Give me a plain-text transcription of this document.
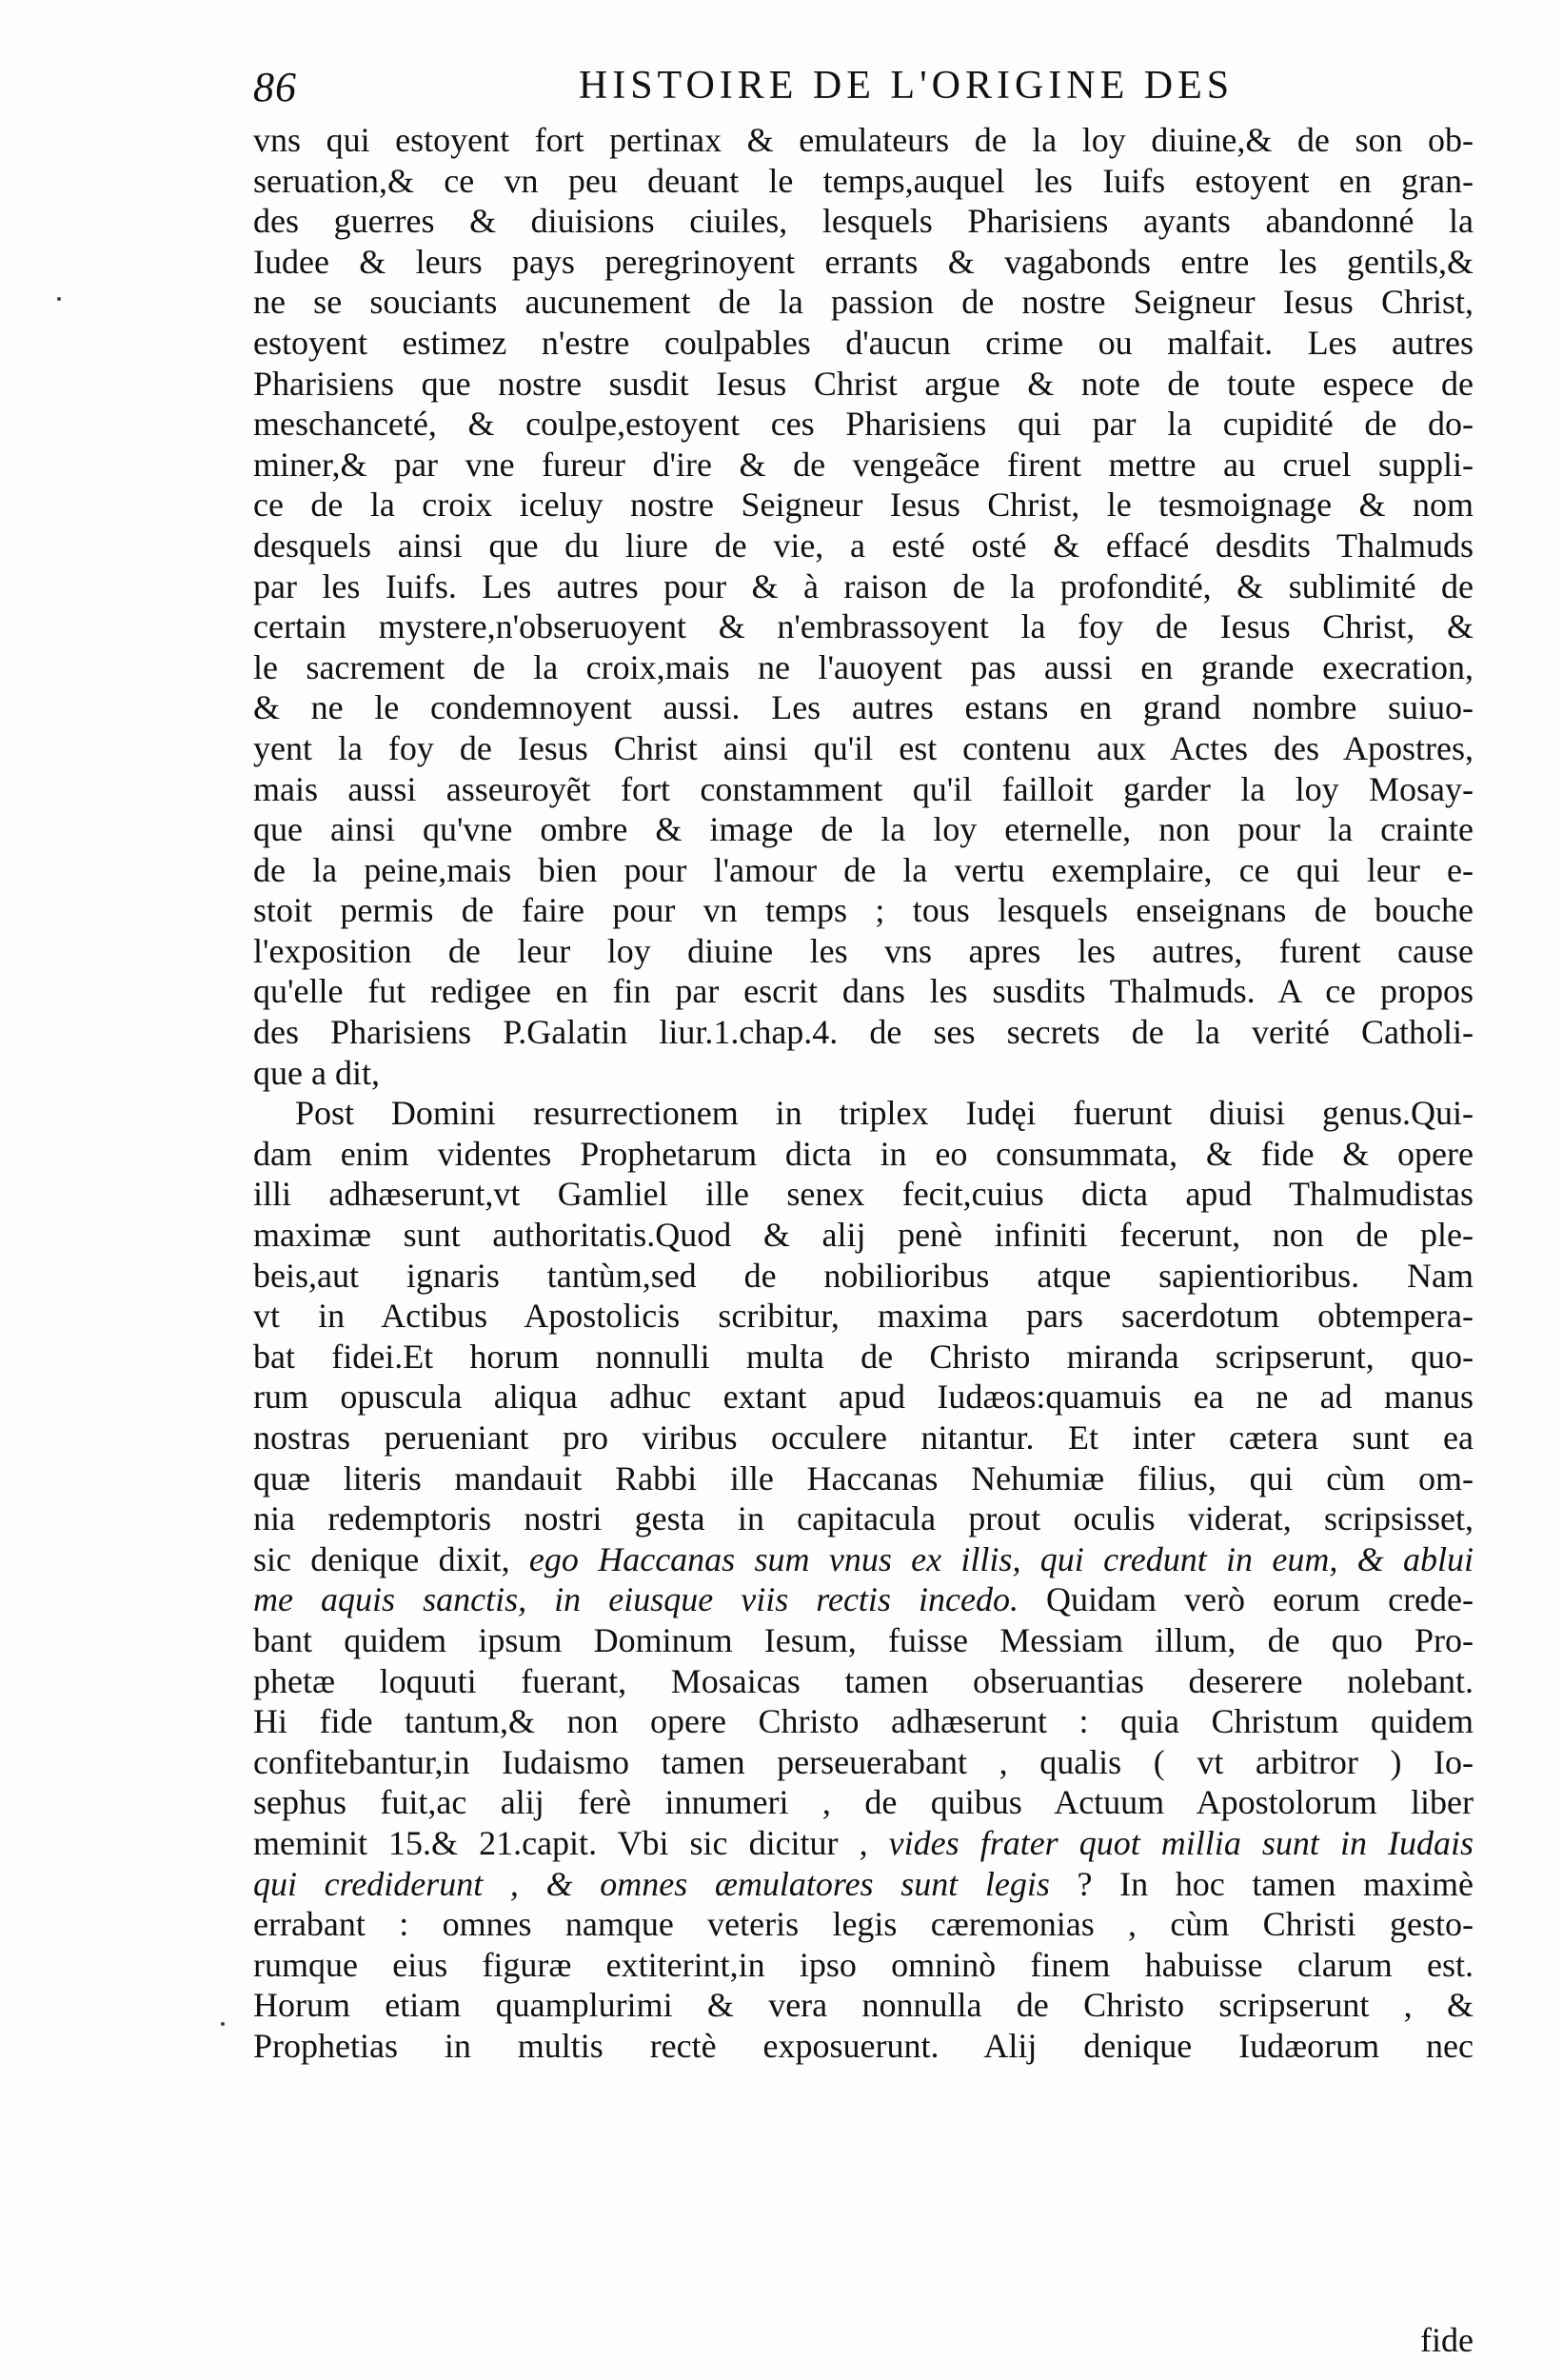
86	HISTOIRE DE L'ORIGINE DES
vns qui estoyent fort pertinax & emulateurs de la loy diuine,& de son ob-
seruation,& ce vn peu deuant le temps,auquel les Iuifs estoyent en gran-
des guerres & diuisions ciuiles, lesquels Pharisiens ayants abandonné la
Iudee & leurs pays peregrinoyent errants & vagabonds entre les gentils,&
ne se souciants aucunement de la passion de nostre Seigneur Iesus Christ,
estoyent estimez n'estre coulpables d'aucun crime ou malfait. Les autres
Pharisiens que nostre susdit Iesus Christ argue & note de toute espece de
meschanceté, & coulpe,estoyent ces Pharisiens qui par la cupidité de do-
miner,& par vne fureur d'ire & de vengeãce firent mettre au cruel suppli-
ce de la croix iceluy nostre Seigneur Iesus Christ, le tesmoignage & nom
desquels ainsi que du liure de vie, a esté osté & effacé desdits Thalmuds
par les Iuifs. Les autres pour & à raison de la profondité, & sublimité de
certain mystere,n'obseruoyent & n'embrassoyent la foy de Iesus Christ, &
le sacrement de la croix,mais ne l'auoyent pas aussi en grande execration,
& ne le condemnoyent aussi. Les autres estans en grand nombre suiuo-
yent la foy de Iesus Christ ainsi qu'il est contenu aux Actes des Apostres,
mais aussi asseuroyẽt fort constamment qu'il failloit garder la loy Mosay-
que ainsi qu'vne ombre & image de la loy eternelle, non pour la crainte
de la peine,mais bien pour l'amour de la vertu exemplaire, ce qui leur e-
stoit permis de faire pour vn temps ; tous lesquels enseignans de bouche
l'exposition de leur loy diuine les vns apres les autres, furent cause
qu'elle fut redigee en fin par escrit dans les susdits Thalmuds. A ce propos
des Pharisiens P.Galatin liur.1.chap.4. de ses secrets de la verité Catholi-
que a dit,
Post Domini resurrectionem in triplex Iudęi fuerunt diuisi genus.Qui-
dam enim videntes Prophetarum dicta in eo consummata, & fide & opere
illi adhæserunt,vt Gamliel ille senex fecit,cuius dicta apud Thalmudistas
maximæ sunt authoritatis.Quod & alij penè infiniti fecerunt, non de ple-
beis,aut ignaris tantùm,sed de nobilioribus atque sapientioribus. Nam
vt in Actibus Apostolicis scribitur, maxima pars sacerdotum obtempera-
bat fidei.Et horum nonnulli multa de Christo miranda scripserunt, quo-
rum opuscula aliqua adhuc extant apud Iudæos:quamuis ea ne ad manus
nostras perueniant pro viribus occulere nitantur. Et inter cætera sunt ea
quæ literis mandauit Rabbi ille Haccanas Nehumiæ filius, qui cùm om-
nia redemptoris nostri gesta in capitacula prout oculis viderat, scripsisset,
sic denique dixit, ego Haccanas sum vnus ex illis, qui credunt in eum, & ablui
me aquis sanctis, in eiusque viis rectis incedo. Quidam verò eorum crede-
bant quidem ipsum Dominum Iesum, fuisse Messiam illum, de quo Pro-
phetæ loquuti fuerant, Mosaicas tamen obseruantias deserere nolebant.
Hi fide tantum,& non opere Christo adhæserunt : quia Christum quidem
confitebantur,in Iudaismo tamen perseuerabant , qualis ( vt arbitror ) Io-
sephus fuit,ac alij ferè innumeri , de quibus Actuum Apostolorum liber
meminit 15.& 21.capit. Vbi sic dicitur , vides frater quot millia sunt in Iudais
qui crediderunt , & omnes æmulatores sunt legis ? In hoc tamen maximè
errabant : omnes namque veteris legis cæremonias , cùm Christi gesto-
rumque eius figuræ extiterint,in ipso omninò finem habuisse clarum est.
Horum etiam quamplurimi & vera nonnulla de Christo scripserunt , &
Prophetias in multis rectè exposuerunt. Alij denique Iudæorum nec
fide
